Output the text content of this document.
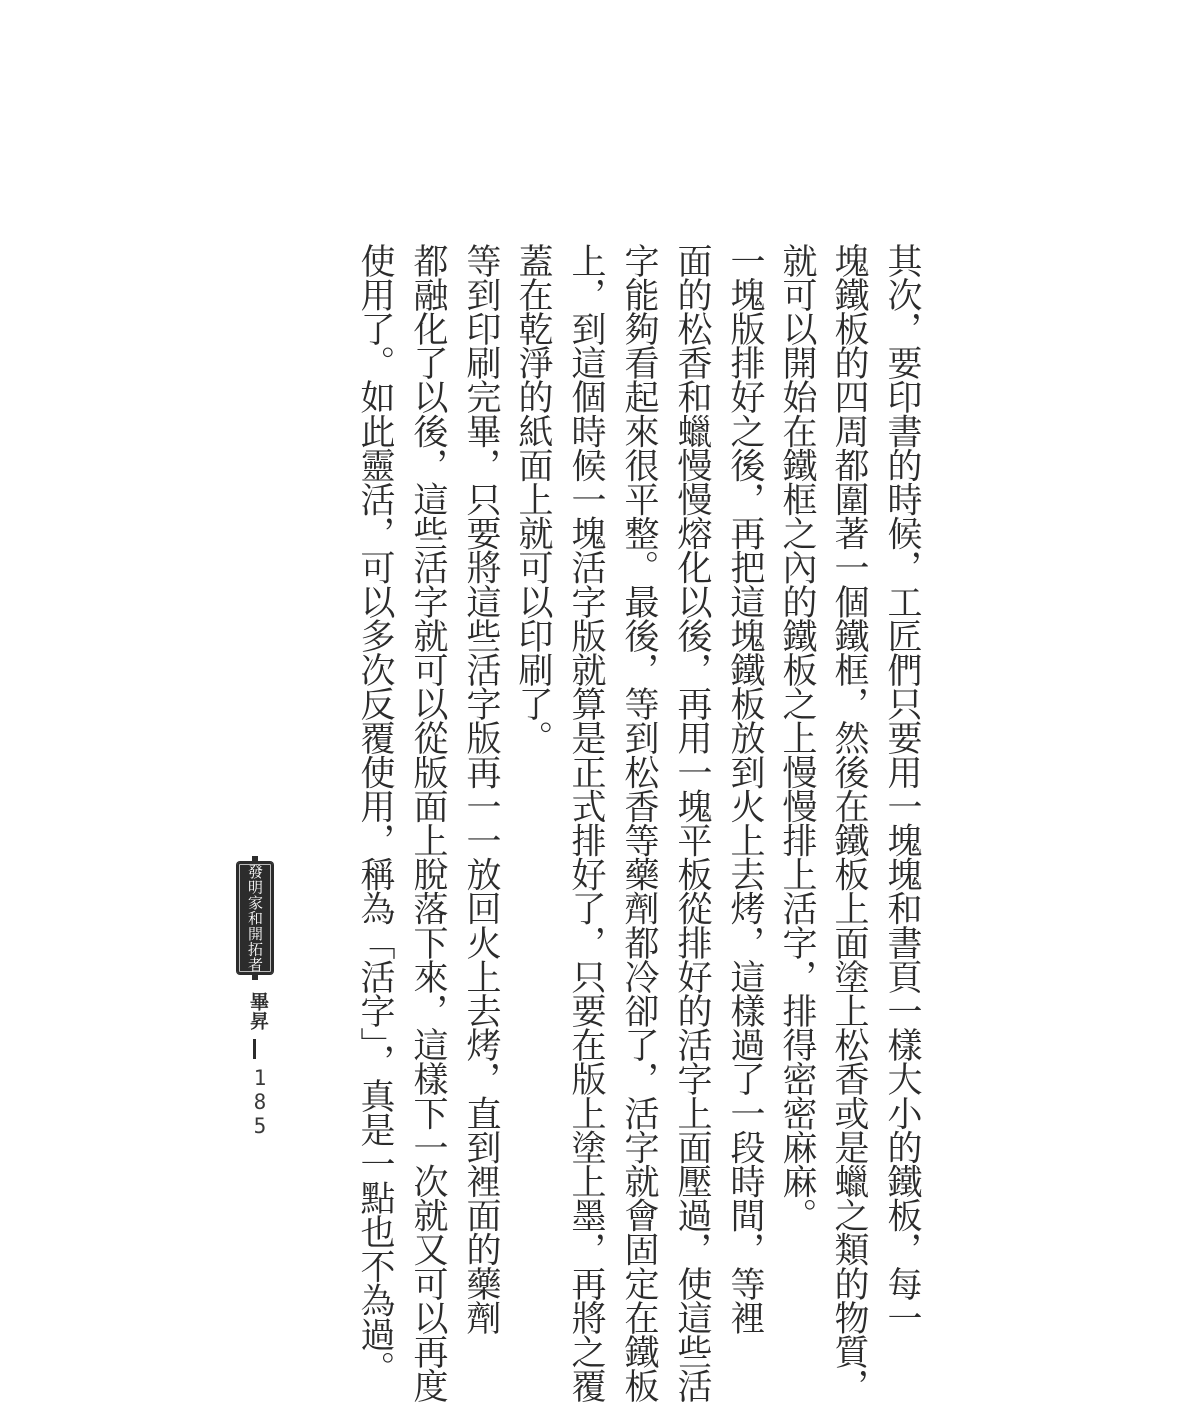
其次，要印書的時候，工匠們只要用一塊塊和書頁一樣大小的鐵板，每一
塊鐵板的四周都圍著一個鐵框，然後在鐵板上面塗上松香或是蠟之類的物質，
就可以開始在鐵框之內的鐵板之上慢慢排上活字，排得密密麻麻。
一塊版排好之後，再把這塊鐵板放到火上去烤，這樣過了一段時間，等裡
面的松香和蠟慢慢熔化以後，再用一塊平板從排好的活字上面壓過，使這些活
字能夠看起來很平整。最後，等到松香等藥劑都冷卻了，活字就會固定在鐵板
上，到這個時候一塊活字版就算是正式排好了，只要在版上塗上墨，再將之覆
蓋在乾淨的紙面上就可以印刷了。
等到印刷完畢，只要將這些活字版再一一放回火上去烤，直到裡面的藥劑
都融化了以後，這些活字就可以從版面上脫落下來，這樣下一次就又可以再度
使用了。如此靈活，可以多次反覆使用，稱為「活字」，真是一點也不為過。
發明家和開拓者
畢昇
185
